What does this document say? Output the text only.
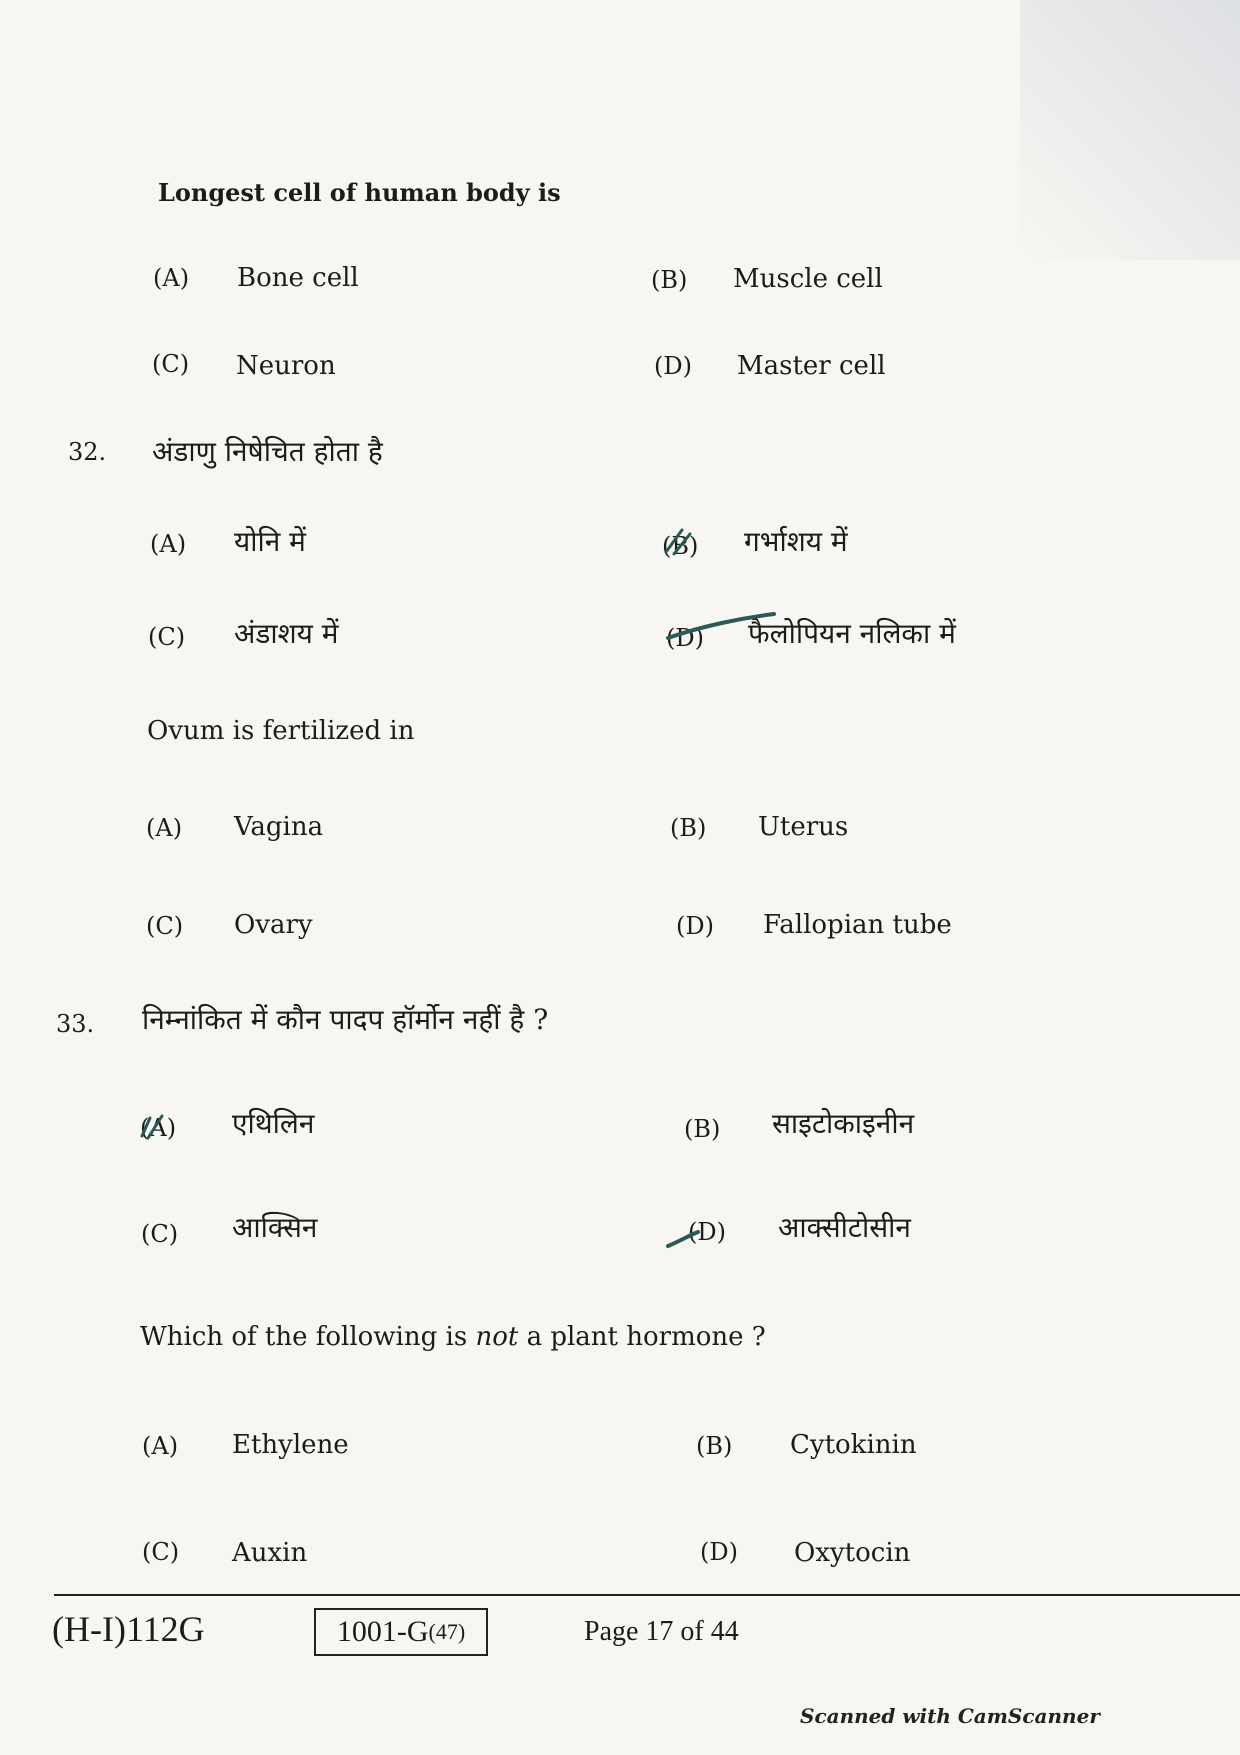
Longest cell of human body is
(A) Bone cell	(B) Muscle cell
(C) Neuron	(D) Master cell
32. अंडाणु निषेचित होता है
(A) योनि में	(B) गर्भाशय में
(C) अंडाशय में	(D) फैलोपियन नलिका में
Ovum is fertilized in
(A) Vagina	(B) Uterus
(C) Ovary	(D) Fallopian tube
33. निम्नांकित में कौन पादप हॉर्मोन नहीं है ?
(A) एथिलिन	(B) साइटोकाइनीन
(C) आक्सिन	(D) आक्सीटोसीन
Which of the following is not a plant hormone ?
(A) Ethylene	(B) Cytokinin
(C) Auxin	(D) Oxytocin
(H-I)112G	1001-G (47)	Page 17 of 44
Scanned with CamScanner
